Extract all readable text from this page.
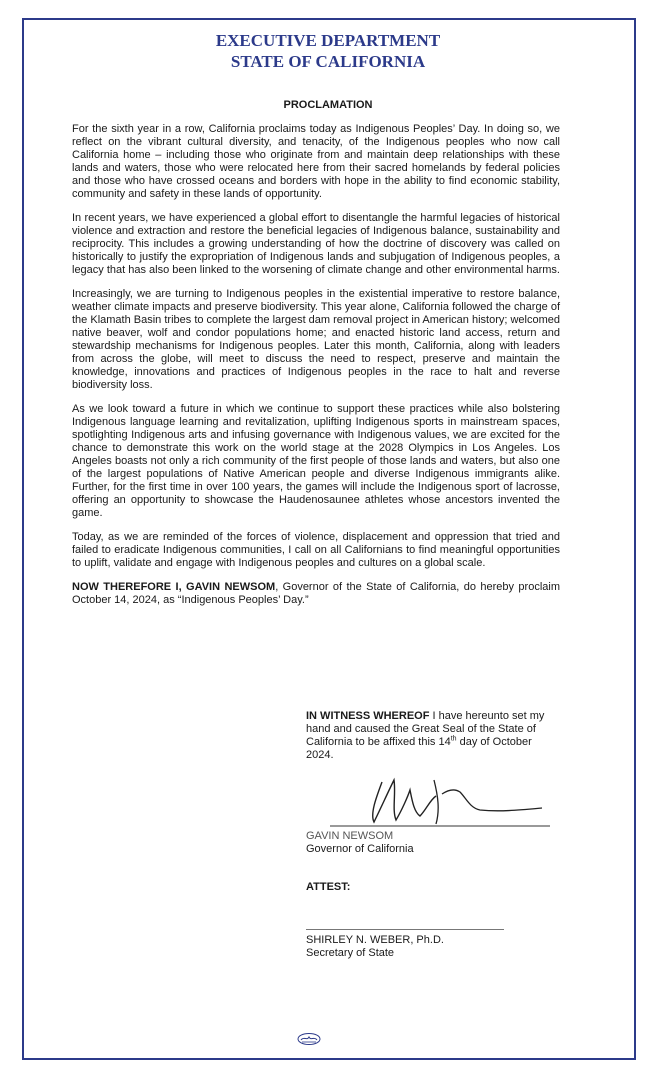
EXECUTIVE DEPARTMENT
STATE OF CALIFORNIA
PROCLAMATION

For the sixth year in a row, California proclaims today as Indigenous Peoples’ Day. In doing so, we reflect on the vibrant cultural diversity, and tenacity, of the Indigenous peoples who now call California home – including those who originate from and maintain deep relationships with these lands and waters, those who were relocated here from their sacred homelands by federal policies and those who have crossed oceans and borders with hope in the ability to find economic stability, community and safety in these lands of opportunity.

In recent years, we have experienced a global effort to disentangle the harmful legacies of historical violence and extraction and restore the beneficial legacies of Indigenous balance, sustainability and reciprocity. This includes a growing understanding of how the doctrine of discovery was called on historically to justify the expropriation of Indigenous lands and subjugation of Indigenous peoples, a legacy that has also been linked to the worsening of climate change and other environmental harms.

Increasingly, we are turning to Indigenous peoples in the existential imperative to restore balance, weather climate impacts and preserve biodiversity. This year alone, California followed the charge of the Klamath Basin tribes to complete the largest dam removal project in American history; welcomed native beaver, wolf and condor populations home; and enacted historic land access, return and stewardship mechanisms for Indigenous peoples. Later this month, California, along with leaders from across the globe, will meet to discuss the need to respect, preserve and maintain the knowledge, innovations and practices of Indigenous peoples in the race to halt and reverse biodiversity loss.

As we look toward a future in which we continue to support these practices while also bolstering Indigenous language learning and revitalization, uplifting Indigenous sports in mainstream spaces, spotlighting Indigenous arts and infusing governance with Indigenous values, we are excited for the chance to demonstrate this work on the world stage at the 2028 Olympics in Los Angeles. Los Angeles boasts not only a rich community of the first people of those lands and waters, but also one of the largest populations of Native American people and diverse Indigenous immigrants alike. Further, for the first time in over 100 years, the games will include the Indigenous sport of lacrosse, offering an opportunity to showcase the Haudenosaunee athletes whose ancestors invented the game.

Today, as we are reminded of the forces of violence, displacement and oppression that tried and failed to eradicate Indigenous communities, I call on all Californians to find meaningful opportunities to uplift, validate and engage with Indigenous peoples and cultures on a global scale.

NOW THEREFORE I, GAVIN NEWSOM, Governor of the State of California, do hereby proclaim October 14, 2024, as “Indigenous Peoples’ Day.”

IN WITNESS WHEREOF I have hereunto set my hand and caused the Great Seal of the State of California to be affixed this 14th day of October 2024.
GAVIN NEWSOM
Governor of California
ATTEST:
SHIRLEY N. WEBER, Ph.D.
Secretary of State
